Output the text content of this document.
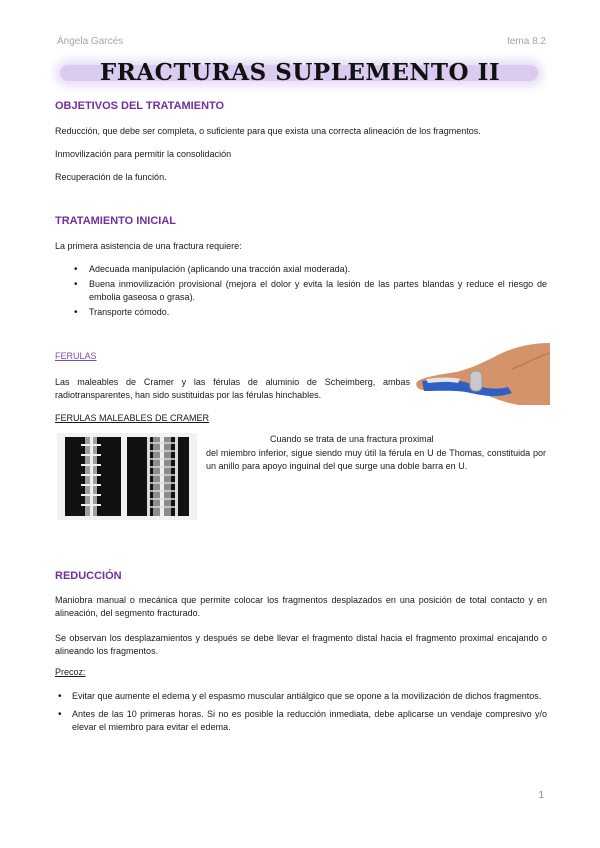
Ángela Garcés	tema 8.2
FRACTURAS SUPLEMENTO II
OBJETIVOS DEL TRATAMIENTO
Reducción, que debe ser completa, o suficiente para que exista una correcta alineación de los fragmentos.
Inmovilización para permitir la consolidación
Recuperación de la función.
TRATAMIENTO INICIAL
La primera asistencia de una fractura requiere:
• Adecuada manipulación (aplicando una tracción axial moderada).
• Buena inmovilización provisional (mejora el dolor y evita la lesión de las partes blandas y reduce el riesgo de embolia gaseosa o grasa).
• Transporte cómodo.
FERULAS
Las maleables de Cramer y las férulas de aluminio de Scheimberg, ambas radiotransparentes, han sido sustituidas por las férulas hinchables.
FERULAS MALEABLES DE CRAMER
Cuando se trata de una fractura proximal
del miembro inferior, sigue siendo muy útil la férula en U de Thomas, constituida por un anillo para apoyo inguinal del que surge una doble barra en U.
REDUCCIÓN
Maniobra manual o mecánica que permite colocar los fragmentos desplazados en una posición de total contacto y en alineación, del segmento fracturado.
Se observan los desplazamientos y después se debe llevar el fragmento distal hacia el fragmento proximal encajando o alineando los fragmentos.
Precoz:
• Evitar que aumente el edema y el espasmo muscular antiálgico que se opone a la movilización de dichos fragmentos.
• Antes de las 10 primeras horas. Si no es posible la reducción inmediata, debe aplicarse un vendaje compresivo y/o elevar el miembro para evitar el edema.
1
